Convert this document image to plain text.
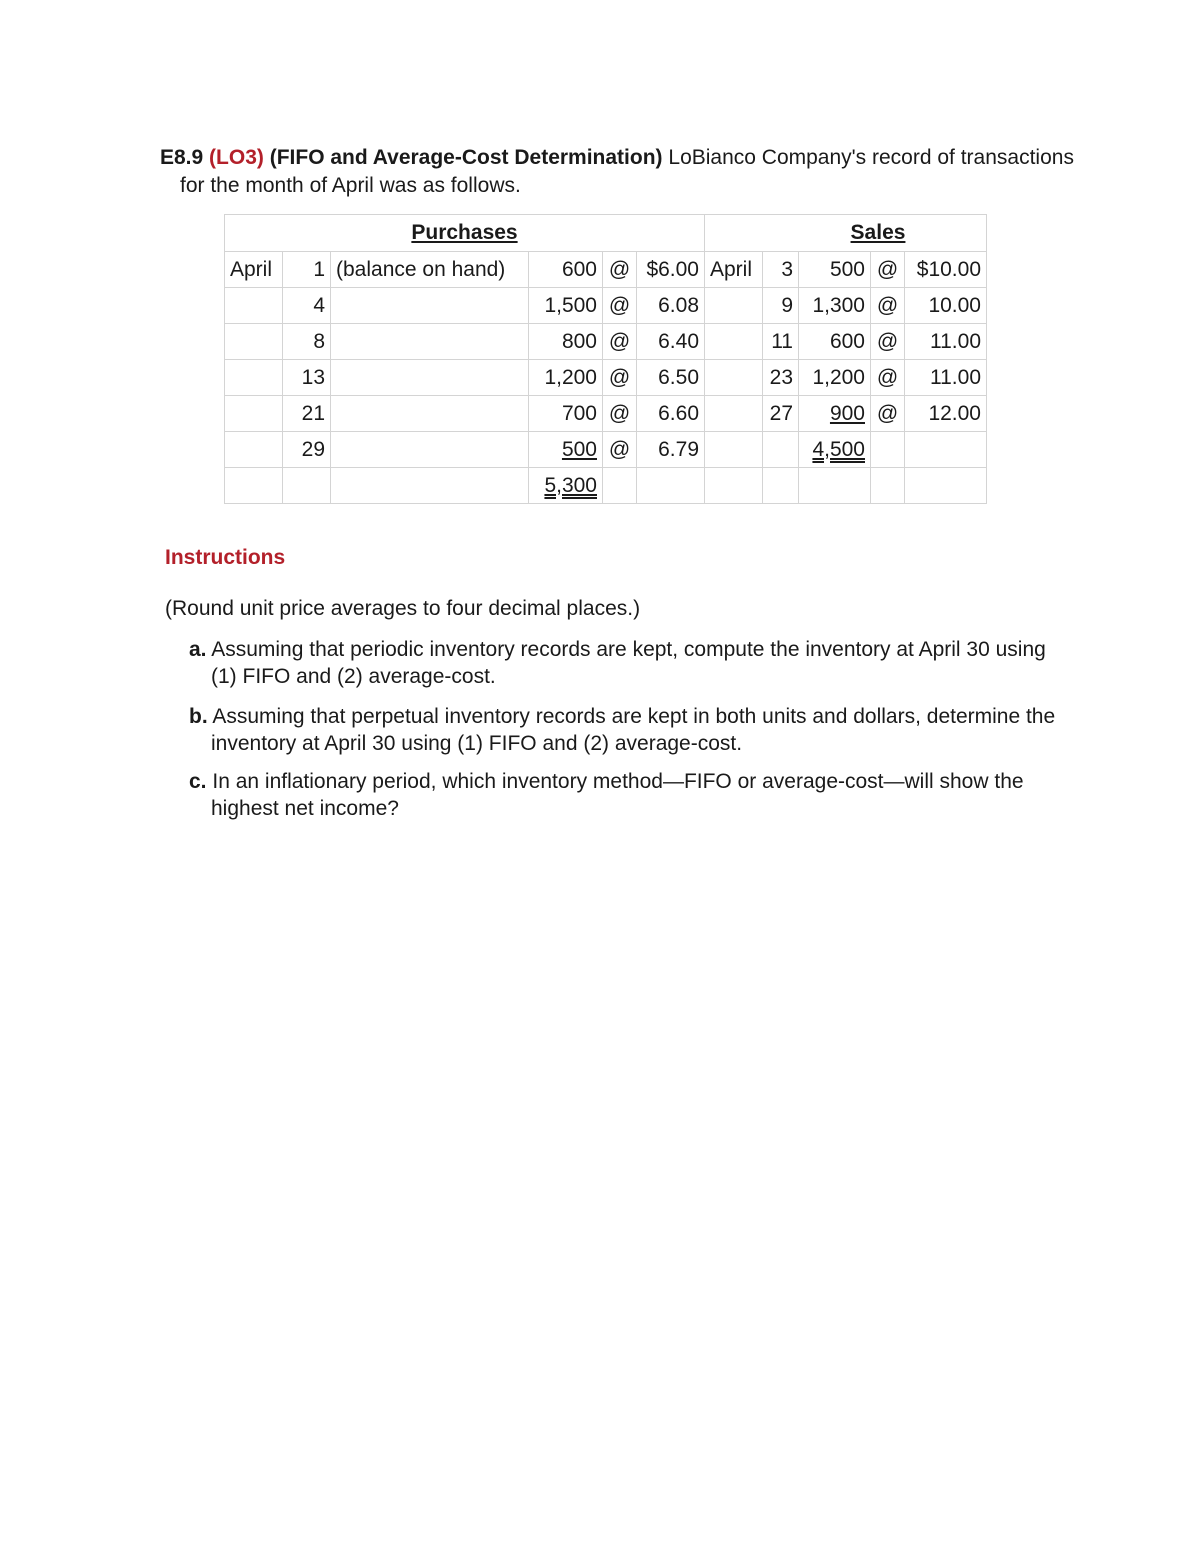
E8.9 (LO3) (FIFO and Average-Cost Determination) LoBianco Company's record of transactions for the month of April was as follows.
Purchases						Sales				
April	1	(balance on hand)	600	@	$6.00	April	3	500	@	$10.00
	4		1,500	@	6.08		9	1,300	@	10.00
	8		800	@	6.40		11	600	@	11.00
	13		1,200	@	6.50		23	1,200	@	11.00
	21		700	@	6.60		27	900	@	12.00
	29		500	@	6.79			4,500		
			5,300							
Instructions
(Round unit price averages to four decimal places.)
a. Assuming that periodic inventory records are kept, compute the inventory at April 30 using (1) FIFO and (2) average-cost.
b. Assuming that perpetual inventory records are kept in both units and dollars, determine the inventory at April 30 using (1) FIFO and (2) average-cost.
c. In an inflationary period, which inventory method—FIFO or average-cost—will show the highest net income?
